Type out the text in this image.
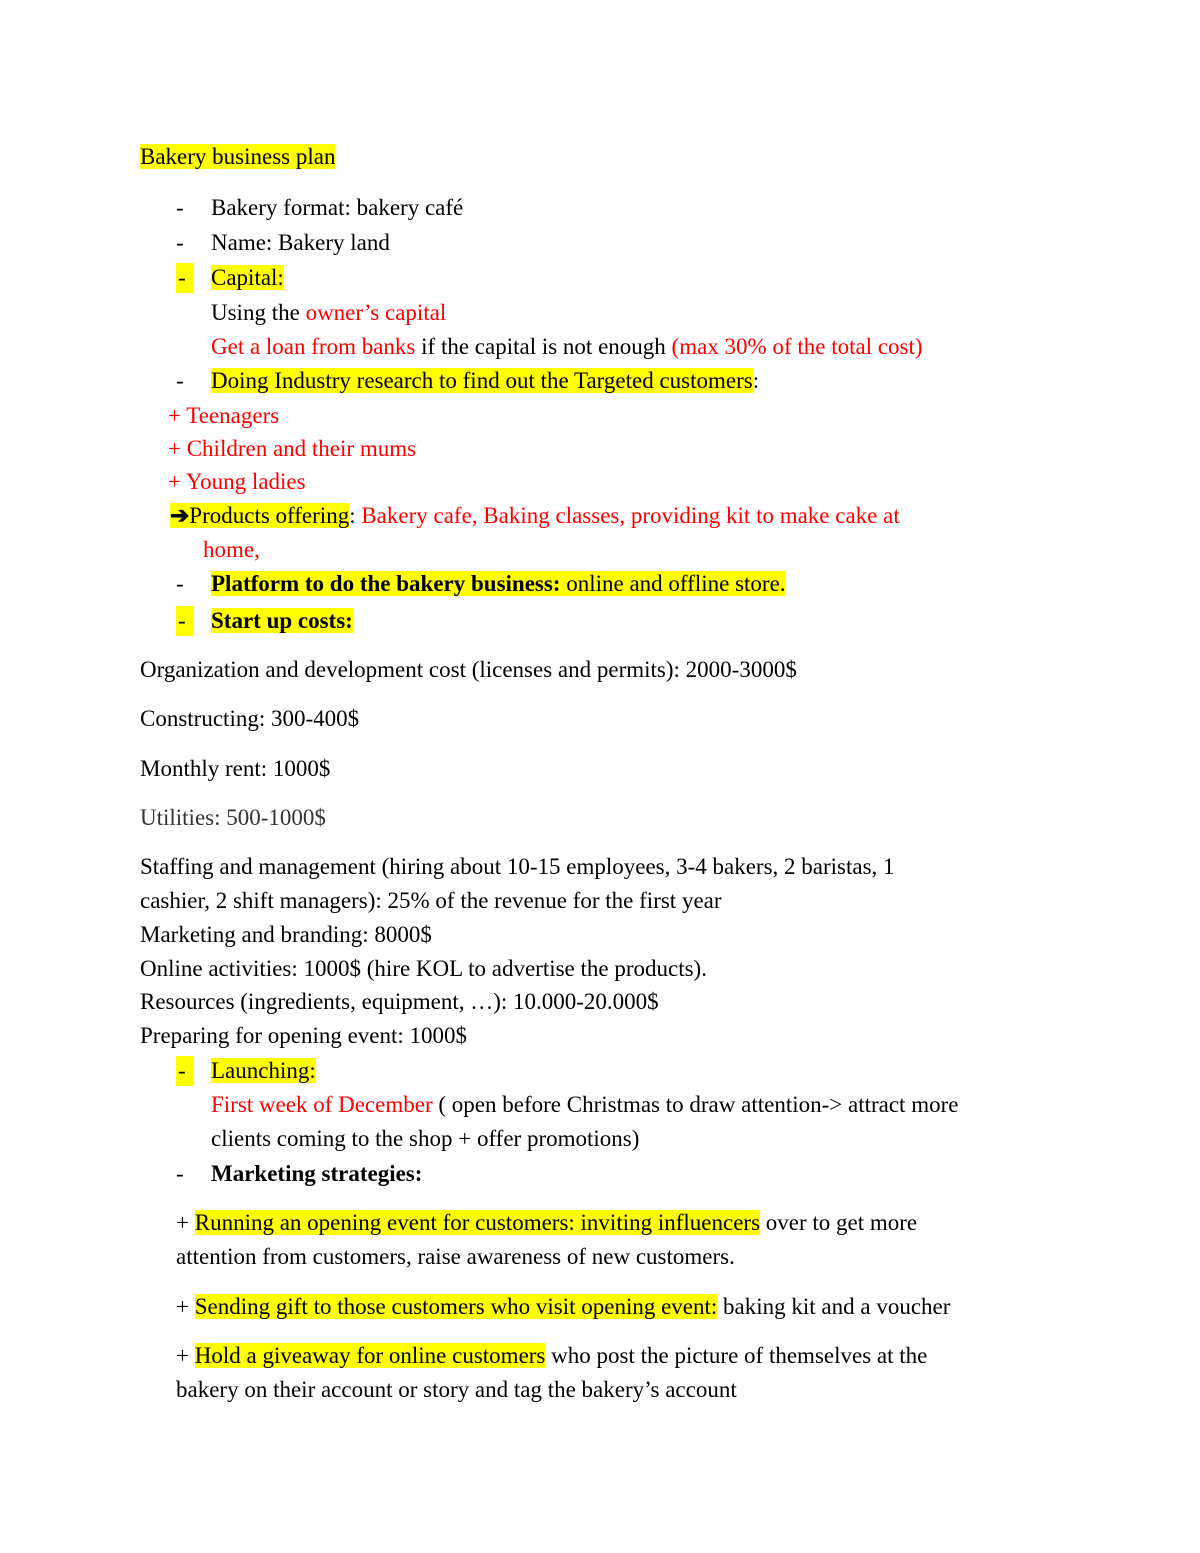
Bakery business plan
-	Bakery format: bakery café
-	Name: Bakery land
-	Capital:
Using the owner’s capital
Get a loan from banks if the capital is not enough (max 30% of the total cost)
-	Doing Industry research to find out the Targeted customers:
+ Teenagers
+ Children and their mums
+ Young ladies
➔Products offering: Bakery cafe, Baking classes, providing kit to make cake at
home,
-	Platform to do the bakery business: online and offline store.
-	Start up costs:
Organization and development cost (licenses and permits): 2000-3000$
Constructing: 300-400$
Monthly rent: 1000$
Utilities: 500-1000$
Staffing and management (hiring about 10-15 employees, 3-4 bakers, 2 baristas, 1
cashier, 2 shift managers): 25% of the revenue for the first year
Marketing and branding: 8000$
Online activities: 1000$ (hire KOL to advertise the products).
Resources (ingredients, equipment, …): 10.000-20.000$
Preparing for opening event: 1000$
-	Launching:
First week of December ( open before Christmas to draw attention-> attract more
clients coming to the shop + offer promotions)
-	Marketing strategies:
+ Running an opening event for customers: inviting influencers over to get more
attention from customers, raise awareness of new customers.
+ Sending gift to those customers who visit opening event: baking kit and a voucher
+ Hold a giveaway for online customers who post the picture of themselves at the
bakery on their account or story and tag the bakery’s account
